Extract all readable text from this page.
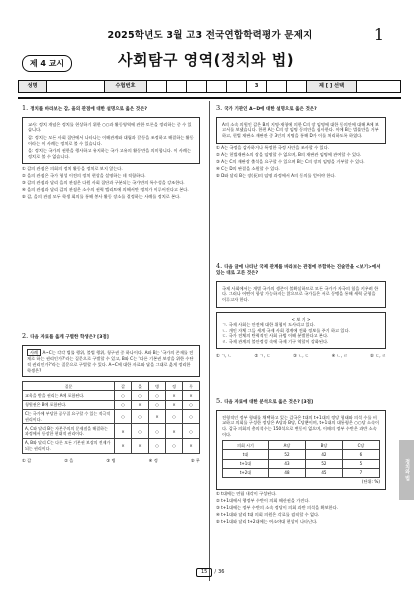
2025학년도 3월 고3 전국연합학력평가 문제지	1
제 4 교시	사회탐구 영역(정치와 법)
성명	수험번호	3	제 [ ] 선택
1. 정치를 바라보는 갑, 을의 관점에 대한 설명으로 옳은 것은?

교사: 정치 개념은 정치를 현상하기 위한 ○○과 활동영역에 관한 토론을 정리하는 중 수 있습니다.

갑: 정치는 모든 사회 집단에서 나타나는 이해관계와 대립과 갈등을 조정하고 해결하는 활동이라는 이 사례는 정치로 볼 수 있습니다.

을: 정치는 국가의 권한을 행사하고 유지하는 국가 고유의 활동만을 의미합니다. 이 사례는 정치로 볼 수 없습니다.

① 갑의 관점은 의회의 정치 활동을 정치로 보지 않는다.

② 을의 관점은 국가 형성 이전의 정치 현상을 설명하는 데 적합하다.

③ 갑의 관점과 달리 을의 관점은 다원 사회 집단과 구분되는 국가만의 특수성을 강조한다.

④ 을의 관점과 달리 갑의 관점은 소수의 권력 엘리트에 의해서만 정치가 이루어진다고 본다.

⑤ 갑, 을의 관점 모두 학생 회의를 통해 봉사 활동 장소를 결정하는 사례를 정치로 본다.

2. 다음 자료를 옳게 구별한 학생은? [3점]
사례 A~C는 각각 법률 행위, 불법 행위, 청구권 중 하나이다. A와 B는 '국가의 존재를 전제로 하는 권리인가?'라는 질문으로 구별할 수 있고, B와 C는 '다른 기본권 보장을 위한 수단적 권리인가?'라는 질문으로 구별할 수 있다. A~C에 대한 자료와 답을 그대로 옳게 정리한 학생은?
질문	갑	을	병	정	무
교육을 받을 권리는 A에 포함된다.	○	○	○	×	×
청원권은 B에 포함된다.	○	×	○	×	○
C는 국가에 부당한 공무집 요구할 수 있는 적극적 권리이다.	○	○	×	○	○
A, C와 달리 B는 자본주의의 문제점을 해결하는 과정에서 등장한 현대적 권리이다.	×	○	○	×	○
A, B와 달리 C는 다른 모든 기본권 보장의 전제가 되는 권리이다.	×	×	○	○	×
① 갑	② 을	③ 병	④ 정	⑤ 무
3. 국가 기관인 A~D에 대한 설명으로 옳은 것은?
A의 소속 의원인 갑은 B의 지명·재청에 의한 C의 장 임명에 대한 동의안에 대해 A에 보고서를 보냈습니다. 한편 A는 C의 장 임명 동의안을 심사한다. 이에 B는 법률안을 거부하고, 헌법 재판소 재판관 중 3인의 지명을 통해 D가 이를 처리하도록 하였다.

① A는 국정을 감사하거나 특정한 국정 사안을 조사할 수 있다.

② A는 헌법재판소의 장을 임명할 수 없으며, B의 재판관 임명에 관여할 수 있다.

③ A는 C의 재판장 출석을 요구할 수 있으며 B는 C의 장의 임명을 거부할 수 있다.

④ C는 D의 판결을 소원할 수 있다.

⑤ D와 달리 B는 장(長)의 임명 과정에서 A의 동의를 얻어야 한다.

4. 다음 글에 나타난 국제 관계를 바라보는 관점에 부합하는 진술만을 <보기>에서 있는 대로 고른 것은?
국제 사회에서는 개별 국가의 생존이 불확실하므로 모든 국가가 자국의 힘을 키우려 한다. 그러나 어떤이 항상 가능하지는 않으므로 국가들은 서로 동맹을 통해 세력 균형을 이루고자 한다.

< 보 기 >

ㄱ. 국제 사회는 안전에 대한 위협이 도사리고 있다.

ㄴ. 개인 자체 그들 세계 국제 사회 경계에 전화 정보를 주기 하고 있다.

ㄷ. 국가 전체의 탄력적인 사회 규범 이해 분별한다고 본다.

ㄹ. 국제 관계의 불안정성 속에 국제 기구 역할이 강화된다.

① ㄱ, ㄴ	② ㄱ, ㄷ	③ ㄴ, ㄷ	④ ㄴ, ㄹ	⑤ ㄷ, ㄹ
5. 다음 자료에 대한 분석으로 옳은 것은? [3점]

전형적인 정부 형태를 채택하고 있는 갑국은 t대의 t+1대의 정당 형태와 의석 수를 비교하고 의회를 구성한 정당은 A당과 B당, C당뿐이며, t+1대의 대통령은 ○○당 소속이다. 갑국 의회의 총의석수는 150석으로 변동이 없으며, 이때의 정부 수반은 과반 소속이다.

의회 시기	A당	B당	C당
t대	52	42	6
t+1대	43	52	5
t+2대	48	45	7

(단위: %)

① t대에는 연립 내각이 구성된다.

② t+1대에서 행정부 수반이 의회 해산권을 가진다.

③ t+1대에는 정부 수반의 소속 정당이 의회 과반 의석을 확보한다.

④ t+1대와 달리 t대 의회 의원은 각료를 겸직할 수 없다.

⑤ t+1대와 달리 t+2대에는 여소야대 현상이 나타난다.

정치와 법
15	/ 36
